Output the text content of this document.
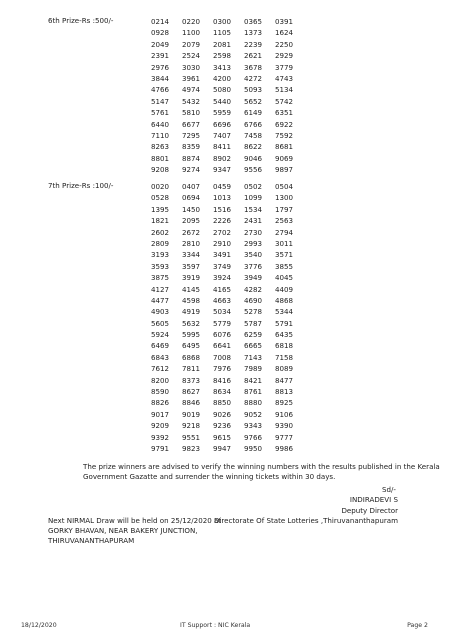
6th Prize-Rs :500/-	0214	0220	0300	0365	0391
0928	1100	1105	1373	1624
2049	2079	2081	2239	2250
2391	2524	2598	2621	2929
2976	3030	3413	3678	3779
3844	3961	4200	4272	4743
4766	4974	5080	5093	5134
5147	5432	5440	5652	5742
5761	5810	5959	6149	6351
6440	6677	6696	6766	6922
7110	7295	7407	7458	7592
8263	8359	8411	8622	8681
8801	8874	8902	9046	9069
9208	9274	9347	9556	9897
7th Prize-Rs :100/-	0020	0407	0459	0502	0504
0528	0694	1013	1099	1300
1395	1450	1516	1534	1797
1821	2095	2226	2431	2563
2602	2672	2702	2730	2794
2809	2810	2910	2993	3011
3193	3344	3491	3540	3571
3593	3597	3749	3776	3855
3875	3919	3924	3949	4045
4127	4145	4165	4282	4409
4477	4598	4663	4690	4868
4903	4919	5034	5278	5344
5605	5632	5779	5787	5791
5924	5995	6076	6259	6435
6469	6495	6641	6665	6818
6843	6868	7008	7143	7158
7612	7811	7976	7989	8089
8200	8373	8416	8421	8477
8590	8627	8634	8761	8813
8826	8846	8850	8880	8925
9017	9019	9026	9052	9106
9209	9218	9236	9343	9390
9392	9551	9615	9766	9777
9791	9823	9947	9950	9986
The prize winners are advised to verify the winning numbers with the results published in the Kerala
Government Gazatte and surrender the winning tickets within 30 days.
Sd/-
INDIRADEVI S
Deputy Director
Directorate Of State Lotteries ,Thiruvananthapuram
Next NIRMAL Draw will be held on 25/12/2020 at
GORKY BHAVAN, NEAR BAKERY JUNCTION,
THIRUVANANTHAPURAM
18/12/2020	IT Support : NIC Kerala	Page 2
